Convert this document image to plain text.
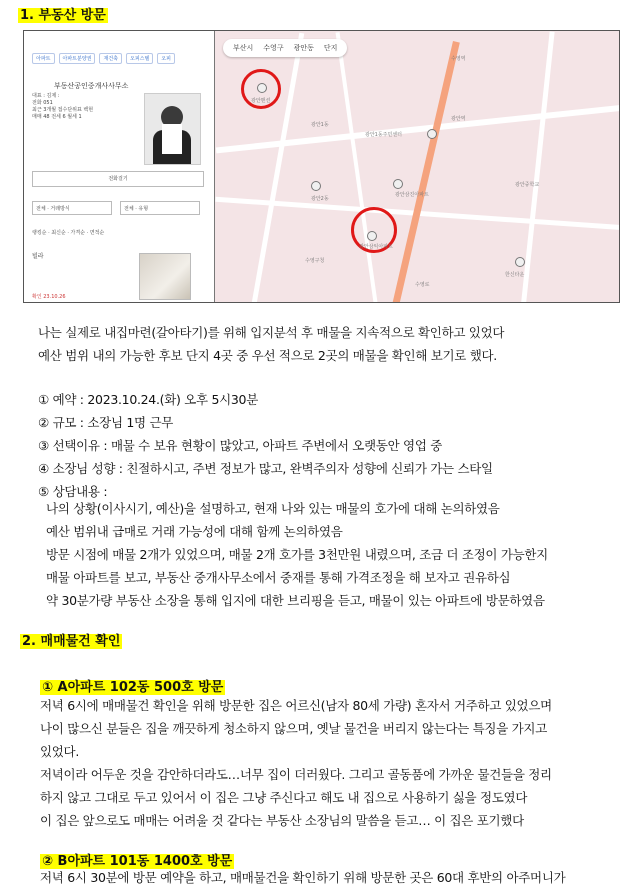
1. 부동산 방문
아파트	아파트분양권	재건축	오피스텔	오피
부동산공인중개사사무소
대표 : 김제 :
전화 051
최근 3개월 접수단위표 백현
매매 48 전세 6 월세 1
전화걸기
전체 · 거래방식	전체 · 유형
랭킹순 · 최신순 · 가격순 · 면적순
빌라
확인 23.10.26
부산시 수영구 광안동 단지
광안맨션
광안1동
광안1동주민센터
광안역
수영역
광안삼익아파트
광안삼진아파트
수영로
광안2동
수영구청
한신타운
광안중학교
나는 실제로 내집마련(갈아타기)를 위해 입지분석 후 매물을 지속적으로 확인하고 있었다
예산 범위 내의 가능한 후보 단지 4곳 중 우선 적으로 2곳의 매물을 확인해 보기로 했다.
① 예약 : 2023.10.24.(화) 오후 5시30분
② 규모 : 소장님 1명 근무
③ 선택이유 : 매물 수 보유 현황이 많았고, 아파트 주변에서 오랫동안 영업 중
④ 소장님 성향 : 친절하시고, 주변 정보가 많고, 완벽주의자 성향에 신뢰가 가는 스타일
⑤ 상담내용 :
나의 상황(이사시기, 예산)을 설명하고, 현재 나와 있는 매물의 호가에 대해 논의하였음
예산 범위내 급매로 거래 가능성에 대해 함께 논의하였음
방문 시점에 매물 2개가 있었으며, 매물 2개 호가를 3천만원 내렸으며, 조금 더 조정이 가능한지
매물 아파트를 보고, 부동산 중개사무소에서 중재를 통해 가격조정을 해 보자고 권유하심
약 30분가량 부동산 소장을 통해 입지에 대한 브리핑을 듣고, 매물이 있는 아파트에 방문하였음
2. 매매물건 확인
① A아파트 102동 500호 방문
저녁 6시에 매매물건 확인을 위해 방문한 집은 어르신(남자 80세 가량) 혼자서 거주하고 있었으며
나이 많으신 분들은 집을 깨끗하게 청소하지 않으며, 옛날 물건을 버리지 않는다는 특징을 가지고
있었다.
저녁이라 어두운 것을 감안하더라도…너무 집이 더러웠다. 그리고 골동품에 가까운 물건들을 정리
하지 않고 그대로 두고 있어서 이 집은 그냥 주신다고 해도 내 집으로 사용하기 싫을 정도였다
이 집은 앞으로도 매매는 어려울 것 같다는 부동산 소장님의 말씀을 듣고… 이 집은 포기했다
② B아파트 101동 1400호 방문
저녁 6시 30분에 방문 예약을 하고, 매매물건을 확인하기 위해 방문한 곳은 60대 후반의 아주머니가
